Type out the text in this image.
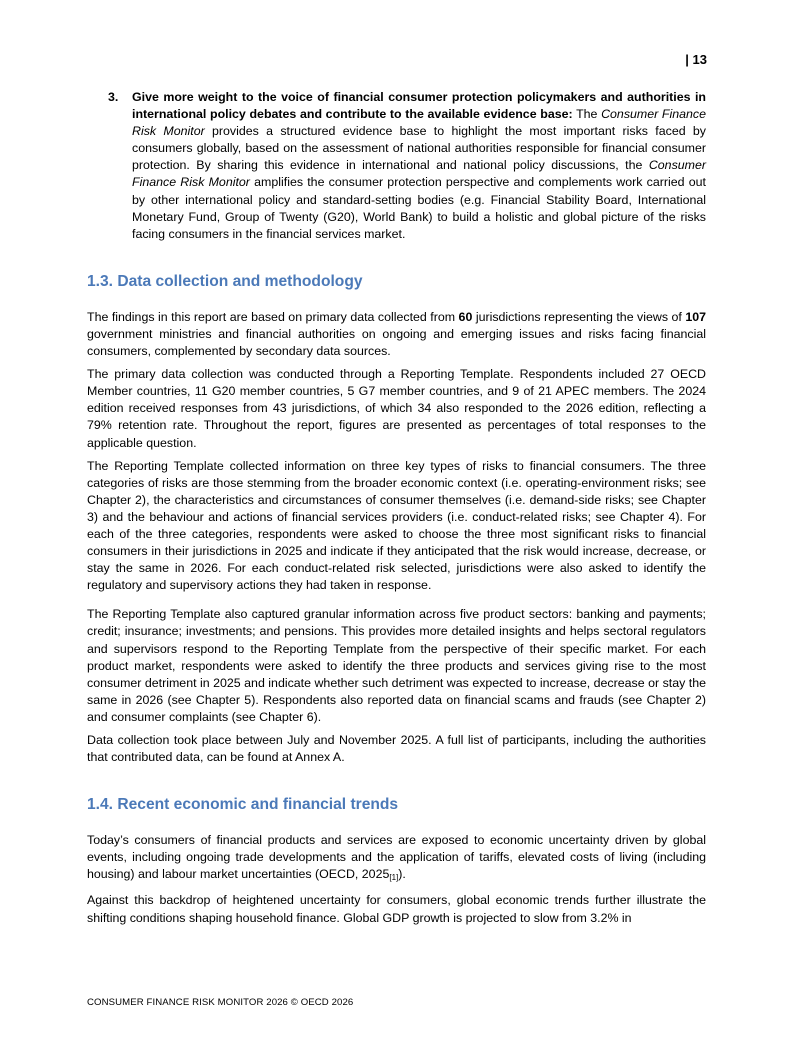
| 13
3. Give more weight to the voice of financial consumer protection policymakers and authorities in international policy debates and contribute to the available evidence base: The Consumer Finance Risk Monitor provides a structured evidence base to highlight the most important risks faced by consumers globally, based on the assessment of national authorities responsible for financial consumer protection. By sharing this evidence in international and national policy discussions, the Consumer Finance Risk Monitor amplifies the consumer protection perspective and complements work carried out by other international policy and standard-setting bodies (e.g. Financial Stability Board, International Monetary Fund, Group of Twenty (G20), World Bank) to build a holistic and global picture of the risks facing consumers in the financial services market.
1.3. Data collection and methodology

The findings in this report are based on primary data collected from 60 jurisdictions representing the views of 107 government ministries and financial authorities on ongoing and emerging issues and risks facing financial consumers, complemented by secondary data sources.

The primary data collection was conducted through a Reporting Template. Respondents included 27 OECD Member countries, 11 G20 member countries, 5 G7 member countries, and 9 of 21 APEC members. The 2024 edition received responses from 43 jurisdictions, of which 34 also responded to the 2026 edition, reflecting a 79% retention rate. Throughout the report, figures are presented as percentages of total responses to the applicable question.

The Reporting Template collected information on three key types of risks to financial consumers. The three categories of risks are those stemming from the broader economic context (i.e. operating-environment risks; see Chapter 2), the characteristics and circumstances of consumer themselves (i.e. demand-side risks; see Chapter 3) and the behaviour and actions of financial services providers (i.e. conduct-related risks; see Chapter 4). For each of the three categories, respondents were asked to choose the three most significant risks to financial consumers in their jurisdictions in 2025 and indicate if they anticipated that the risk would increase, decrease, or stay the same in 2026. For each conduct-related risk selected, jurisdictions were also asked to identify the regulatory and supervisory actions they had taken in response.

The Reporting Template also captured granular information across five product sectors: banking and payments; credit; insurance; investments; and pensions. This provides more detailed insights and helps sectoral regulators and supervisors respond to the Reporting Template from the perspective of their specific market. For each product market, respondents were asked to identify the three products and services giving rise to the most consumer detriment in 2025 and indicate whether such detriment was expected to increase, decrease or stay the same in 2026 (see Chapter 5). Respondents also reported data on financial scams and frauds (see Chapter 2) and consumer complaints (see Chapter 6).

Data collection took place between July and November 2025. A full list of participants, including the authorities that contributed data, can be found at Annex A.

1.4. Recent economic and financial trends

Today’s consumers of financial products and services are exposed to economic uncertainty driven by global events, including ongoing trade developments and the application of tariffs, elevated costs of living (including housing) and labour market uncertainties (OECD, $2025_{[1]}$).

Against this backdrop of heightened uncertainty for consumers, global economic trends further illustrate the shifting conditions shaping household finance. Global GDP growth is projected to slow from 3.2% in

CONSUMER FINANCE RISK MONITOR 2026 © OECD 2026
